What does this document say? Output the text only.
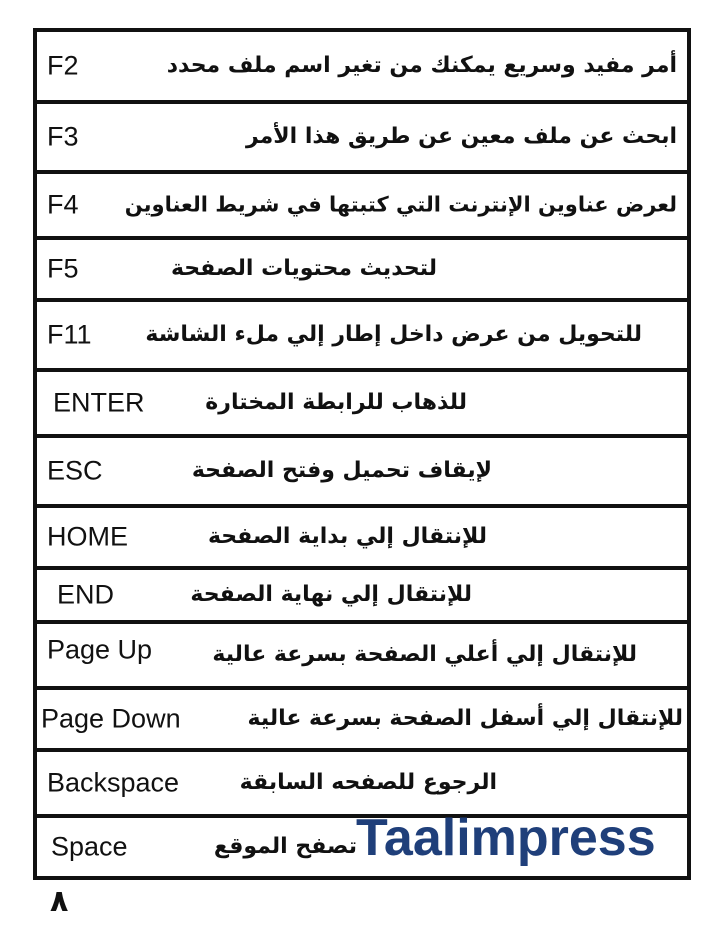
F2	أمر مفيد وسريع يمكنك من تغير اسم ملف محدد
F3	ابحث عن ملف معين عن طريق هذا الأمر
F4 لعرض عناوين الإنترنت التي كتبتها في شريط العناوين
F5	لتحديث محتويات الصفحة
F11 للتحويل من عرض داخل إطار إلي ملء الشاشة
ENTER	للذهاب للرابطة المختارة
ESC	لإيقاف تحميل وفتح الصفحة
HOME	للإنتقال إلي بداية الصفحة
END	للإنتقال إلي نهاية الصفحة
Page Up	للإنتقال إلي أعلي الصفحة بسرعة عالية
Page Down	للإنتقال إلي أسفل الصفحة بسرعة عالية
Backspace	الرجوع للصفحه السابقة
Space	تصفح الموقع Taalimpress
٨
